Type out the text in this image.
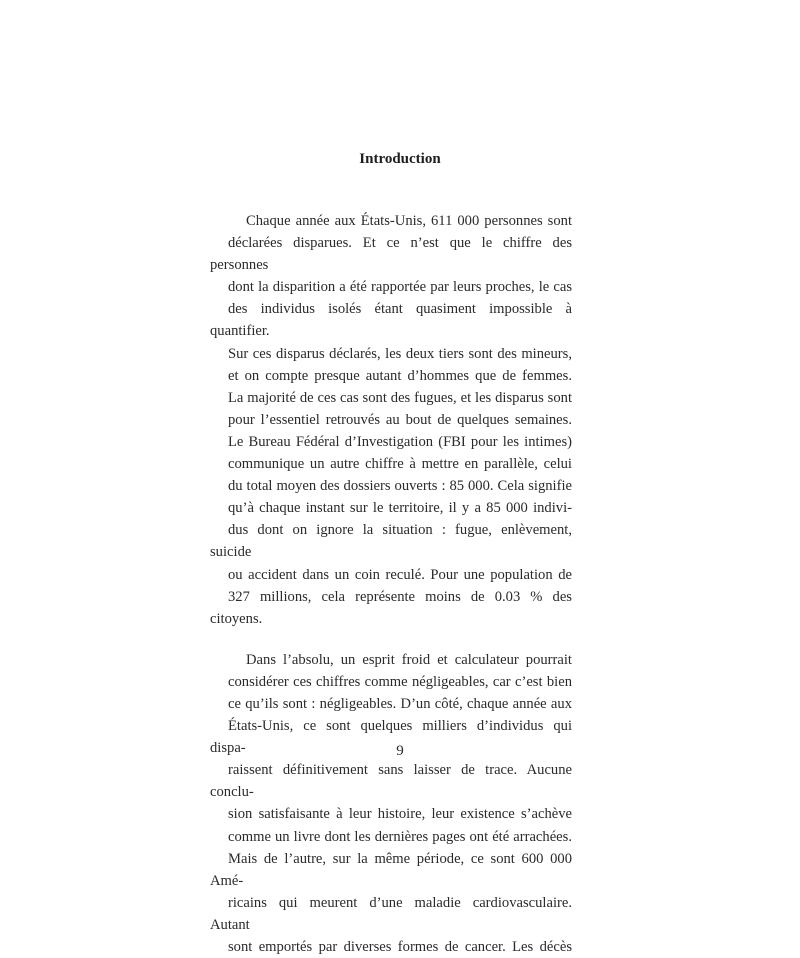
Introduction

Chaque année aux États-Unis, 611 000 personnes sont
déclarées disparues. Et ce n’est que le chiffre des personnes
dont la disparition a été rapportée par leurs proches, le cas
des individus isolés étant quasiment impossible à quantifier.
Sur ces disparus déclarés, les deux tiers sont des mineurs,
et on compte presque autant d’hommes que de femmes.
La majorité de ces cas sont des fugues, et les disparus sont
pour l’essentiel retrouvés au bout de quelques semaines.
Le Bureau Fédéral d’Investigation (FBI pour les intimes)
communique un autre chiffre à mettre en parallèle, celui
du total moyen des dossiers ouverts : 85 000. Cela signifie
qu’à chaque instant sur le territoire, il y a 85 000 indivi-
dus dont on ignore la situation : fugue, enlèvement, suicide
ou accident dans un coin reculé. Pour une population de
327 millions, cela représente moins de 0.03 % des citoyens.

Dans l’absolu, un esprit froid et calculateur pourrait
considérer ces chiffres comme négligeables, car c’est bien
ce qu’ils sont : négligeables. D’un côté, chaque année aux
États-Unis, ce sont quelques milliers d’individus qui dispa-
raissent définitivement sans laisser de trace. Aucune conclu-
sion satisfaisante à leur histoire, leur existence s’achève
comme un livre dont les dernières pages ont été arrachées.
Mais de l’autre, sur la même période, ce sont 600 000 Amé-
ricains qui meurent d’une maladie cardiovasculaire. Autant
sont emportés par diverses formes de cancer. Les décès

9
